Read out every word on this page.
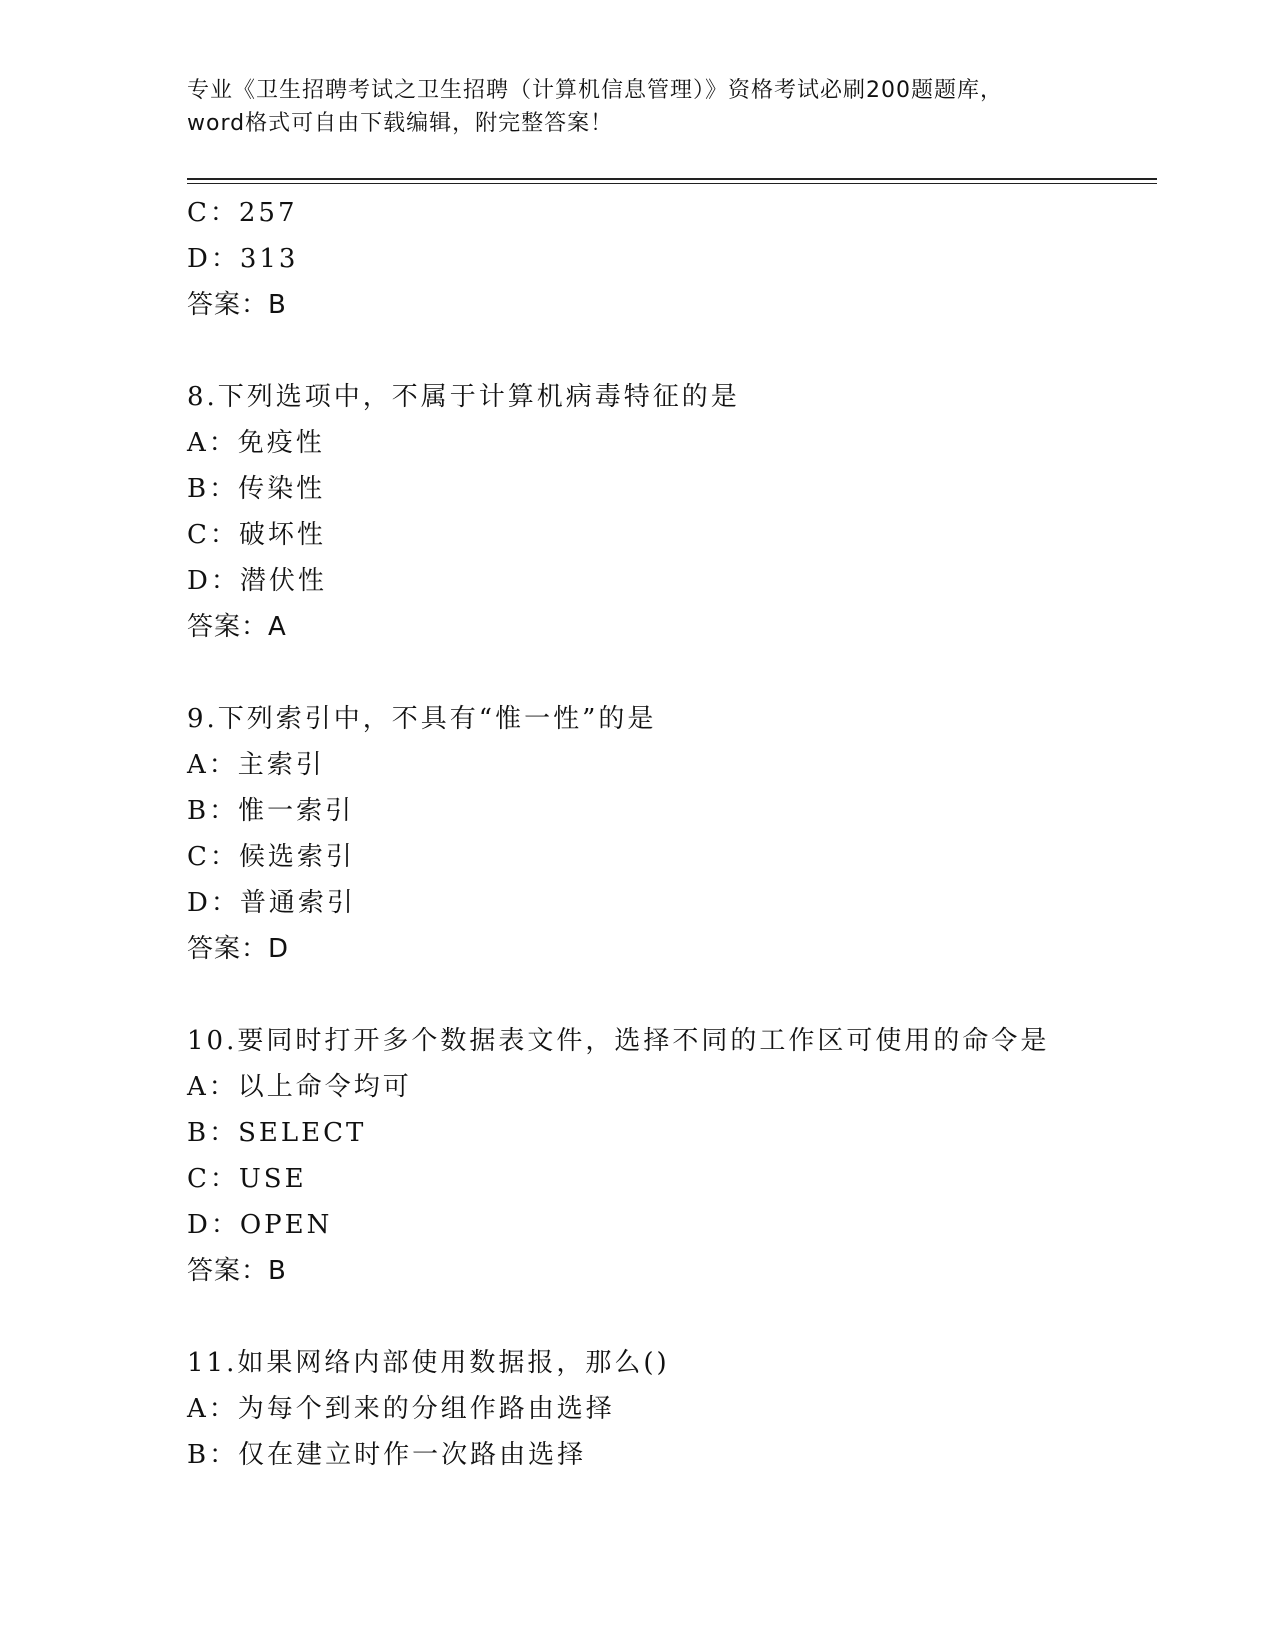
专业《卫生招聘考试之卫生招聘（计算机信息管理）》资格考试必刷200题题库，
word格式可自由下载编辑，附完整答案！
C：257
D：313
答案：B
8.下列选项中，不属于计算机病毒特征的是
A：免疫性
B：传染性
C：破坏性
D：潜伏性
答案：A
9.下列索引中，不具有“惟一性”的是
A：主索引
B：惟一索引
C：候选索引
D：普通索引
答案：D
10.要同时打开多个数据表文件，选择不同的工作区可使用的命令是
A：以上命令均可
B：SELECT
C：USE
D：OPEN
答案：B
11.如果网络内部使用数据报，那么()
A：为每个到来的分组作路由选择
B：仅在建立时作一次路由选择
